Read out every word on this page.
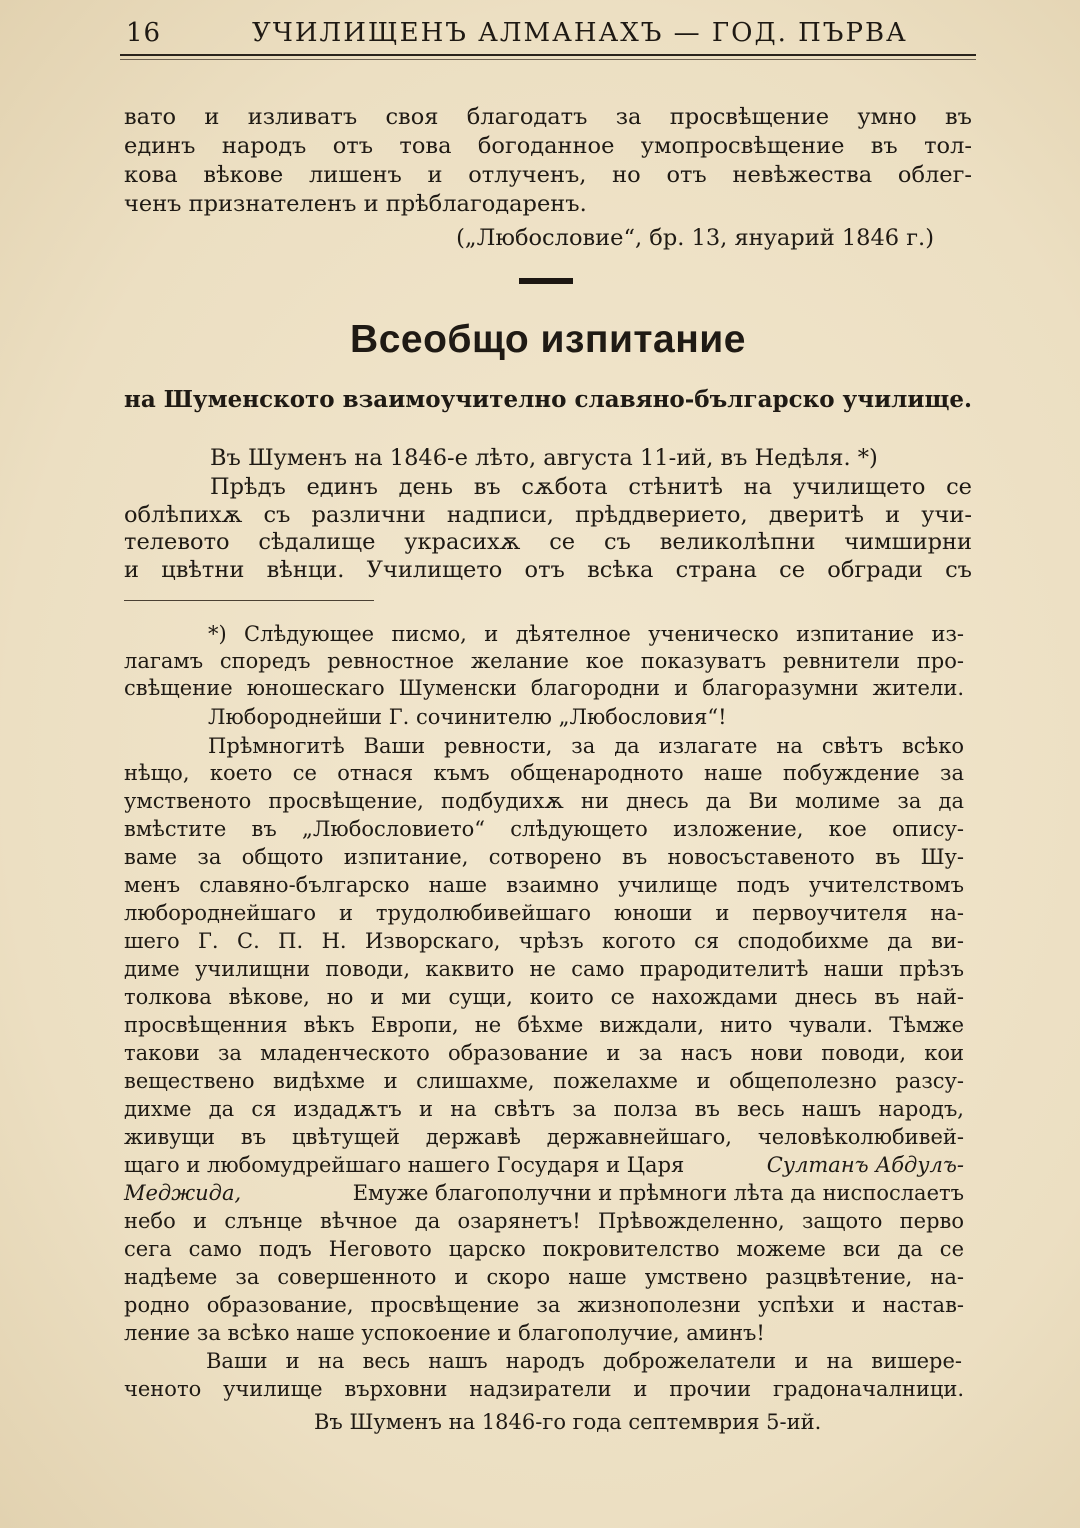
16	УЧИЛИЩЕНЪ АЛМАНАХЪ — ГОД. ПЪРВА
вато и изливатъ своя благодатъ за просвѣщение умно въ
единъ народъ отъ това богоданное умопросвѣщение въ тол-
кова вѣкове лишенъ и отлученъ, но отъ невѣжества облег-
ченъ признателенъ и прѣблагодаренъ.
(„Любословие“, бр. 13, януарий 1846 г.)
Всеобщо изпитание
на Шуменското взаимоучително славяно-българско училище.
Въ Шуменъ на 1846-е лѣто, августа 11-ий, въ Недѣля. *)
Прѣдъ единъ день въ сѫбота стѣнитѣ на училището се
облѣпихѫ съ различни надписи, прѣддверието, дверитѣ и учи-
телевото сѣдалище украсихѫ се съ великолѣпни чимширни
и цвѣтни вѣнци. Училището отъ всѣка страна се обгради съ
*) Слѣдующее писмо, и дѣятелное ученическо изпитание из-
лагамъ споредъ ревностное желание кое показуватъ ревнители про-
свѣщение юношескаго Шуменски благородни и благоразумни жители.
Любороднейши Г. сочинителю „Любословия“!
Прѣмногитѣ Ваши ревности, за да излагате на свѣтъ всѣко
нѣщо, което се отнася къмъ общенародното наше побуждение за
умственото просвѣщение, подбудихѫ ни днесь да Ви молиме за да
вмѣстите въ „Любословието“ слѣдующето изложение, кое опису-
ваме за общото изпитание, сотворено въ новосъставеното въ Шу-
менъ славяно-българско наше взаимно училище подъ учителствомъ
любороднейшаго и трудолюбивейшаго юноши и первоучителя на-
шего Г. С. П. Н. Изворскаго, чрѣзъ когото ся сподобихме да ви-
диме училищни поводи, каквито не само прародителитѣ наши прѣзъ
толкова вѣкове, но и ми сущи, които се нахождами днесь въ най-
просвѣщенния вѣкъ Европи, не бѣхме виждали, нито чували. Тѣмже
такови за младенческото образование и за насъ нови поводи, кои
веществено видѣхме и слишахме, пожелахме и общеполезно разсу-
дихме да ся издадѫтъ и на свѣтъ за полза въ весь нашъ народъ,
живущи въ цвѣтущей державѣ державнейшаго, человѣколюбивей-
щаго и любомудрейшаго нашего Государя и Царя	Султанъ Абдулъ-
Меджида,	Емуже благополучни и прѣмноги лѣта да ниспослаетъ
небо и слънце вѣчное да озарянетъ! Прѣвожделенно, защото перво
сега само подъ Неговото царско покровителство можеме вси да се
надѣеме за совершенното и скоро наше умствено разцвѣтение, на-
родно образование, просвѣщение за жизнополезни успѣхи и настав-
ление за всѣко наше успокоение и благополучие, аминъ!
Ваши и на весь нашъ народъ доброжелатели и на вишере-
ченото училище върховни надзиратели и прочии градоначалници.
Въ Шуменъ на 1846-го года септемврия 5-ий.
